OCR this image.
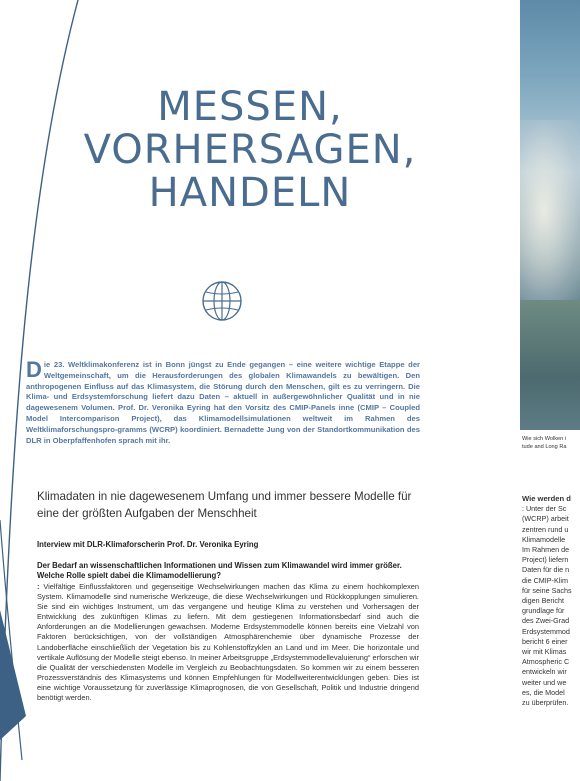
MESSEN,
VORHERSAGEN,
HANDELN
Die 23. Weltklimakonferenz ist in Bonn jüngst zu Ende gegangen – eine weitere wichtige Etappe der Weltgemeinschaft, um die Herausforderungen des globalen Klimawandels zu bewältigen. Den anthropogenen Einfluss auf das Klimasystem, die Störung durch den Menschen, gilt es zu verringern. Die Klima- und Erdsystemforschung liefert dazu Daten – aktuell in außergewöhnlicher Qualität und in nie dagewesenem Volumen. Prof. Dr. Veronika Eyring hat den Vorsitz des CMIP-Panels inne (CMIP – Coupled Model Intercomparison Project), das Klimamodellsimulationen weltweit im Rahmen des Weltklimaforschungspro-gramms (WCRP) koordiniert. Bernadette Jung von der Standortkommunikation des DLR in Oberpfaffenhofen sprach mit ihr.
Klimadaten in nie dagewesenem Umfang und immer bessere Modelle für eine der größten Aufgaben der Menschheit
Interview mit DLR-Klimaforscherin Prof. Dr. Veronika Eyring
Der Bedarf an wissenschaftlichen Informationen und Wissen zum Klimawandel wird immer größer. Welche Rolle spielt dabei die Klimamodellierung?
: Vielfältige Einflussfaktoren und gegenseitige Wechselwirkungen machen das Klima zu einem hochkomplexen System. Klimamodelle sind numerische Werkzeuge, die diese Wechselwirkungen und Rückkopplungen simulieren. Sie sind ein wichtiges Instrument, um das vergangene und heutige Klima zu verstehen und Vorhersagen der Entwicklung des zukünftigen Klimas zu liefern. Mit dem gestiegenen Informationsbedarf sind auch die Anforderungen an die Modellierungen gewachsen. Moderne Erdsystemmodelle können bereits eine Vielzahl von Faktoren berücksichtigen, von der vollständigen Atmosphärenchemie über dynamische Prozesse der Landoberfläche einschließlich der Vegetation bis zu Kohlenstoffzyklen an Land und im Meer. Die horizontale und vertikale Auflösung der Modelle steigt ebenso. In meiner Arbeitsgruppe „Erdsystemmodellevaluierung“ erforschen wir die Qualität der verschiedensten Modelle im Vergleich zu Beobachtungsdaten. So kommen wir zu einem besseren Prozessverständnis des Klimasystems und können Empfehlungen für Modellweiterentwicklungen geben. Dies ist eine wichtige Voraussetzung für zuverlässige Klimaprognosen, die von Gesellschaft, Politik und Industrie dringend benötigt werden.
Wie sich Wolken i
tude and Long Ra
Wie werden d
: Unter der Sc
(WCRP) arbeit
zentren rund u
Klimamodelle
Im Rahmen de
Project) liefern
Daten für die n
die CMIP-Klim
für seine Sachs
digen Bericht
grundlage für
des Zwei-Grad
Erdsystemmod
bericht 6 einer
wir mit Klimas
Atmospheric C
entwickeln wir
weiter und we
es, die Model
zu überprüfen.
